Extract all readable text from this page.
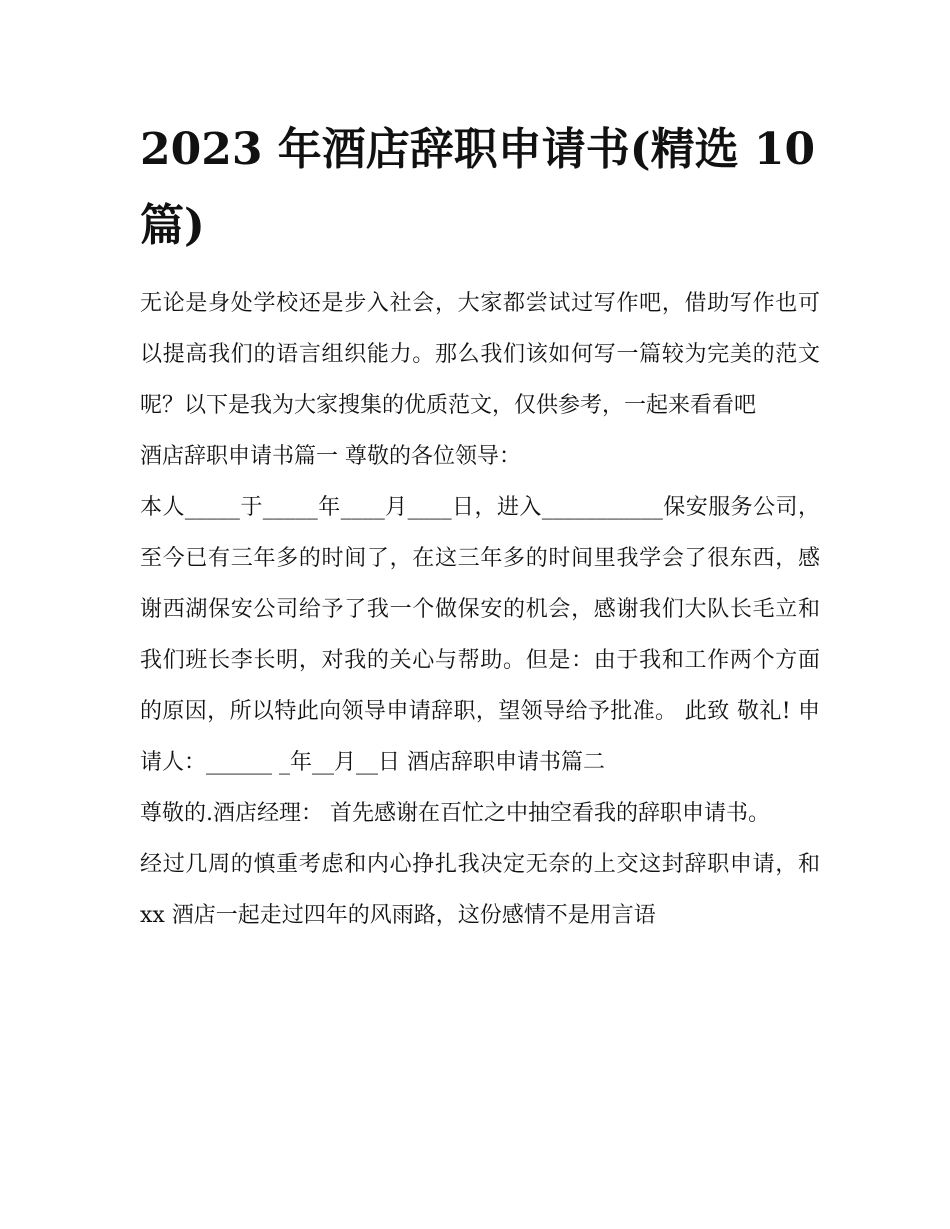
2023 年酒店辞职申请书(精选 10 篇)

无论是身处学校还是步入社会，大家都尝试过写作吧，借助写作也可以提高我们的语言组织能力。那么我们该如何写一篇较为完美的范文呢？以下是我为大家搜集的优质范文，仅供参考，一起来看看吧

酒店辞职申请书篇一 尊敬的各位领导：

本人_____于_____年____月____日，进入___________保安服务公司，至今已有三年多的时间了，在这三年多的时间里我学会了很东西，感谢西湖保安公司给予了我一个做保安的机会，感谢我们大队长毛立和我们班长李长明，对我的关心与帮助。但是：由于我和工作两个方面的原因，所以特此向领导申请辞职，望领导给予批准。 此致 敬礼! 申请人：______ _年__月__日 酒店辞职申请书篇二

尊敬的.酒店经理： 首先感谢在百忙之中抽空看我的辞职申请书。

经过几周的慎重考虑和内心挣扎我决定无奈的上交这封辞职申请，和 xx 酒店一起走过四年的风雨路，这份感情不是用言语
